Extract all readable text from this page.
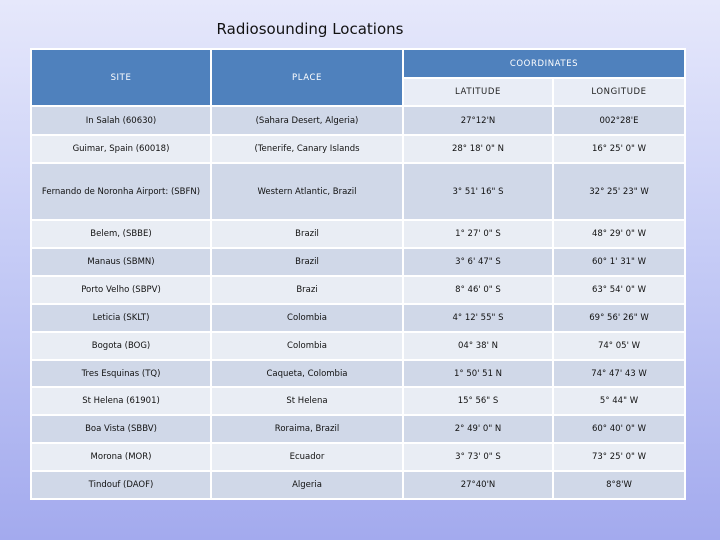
Radiosounding Locations
SITE	PLACE	COORDINATES	
		LATITUDE	LONGITUDE
In Salah (60630)	(Sahara Desert, Algeria)	27°12'N	002°28'E
Guimar, Spain (60018)	(Tenerife, Canary Islands	28° 18' 0" N	16° 25' 0" W
Fernando de Noronha Airport: (SBFN)	Western Atlantic, Brazil	3° 51' 16" S	32° 25' 23" W
Belem, (SBBE)	Brazil	1° 27' 0" S	48° 29' 0" W
Manaus (SBMN)	Brazil	3° 6' 47" S	60° 1' 31" W
Porto Velho (SBPV)	Brazi	8° 46' 0" S	63° 54' 0" W
Leticia (SKLT)	Colombia	4° 12' 55" S	69° 56' 26" W
Bogota (BOG)	Colombia	04° 38' N	74° 05' W
Tres Esquinas (TQ)	Caqueta, Colombia	1° 50' 51 N	74° 47' 43 W
St Helena (61901)	St Helena	15° 56" S	5° 44" W
Boa Vista (SBBV)	Roraima, Brazil	2° 49' 0" N	60° 40' 0" W
Morona (MOR)	Ecuador	3° 73' 0" S	73° 25' 0" W
Tindouf (DAOF)	Algeria	27°40'N	8°8'W
